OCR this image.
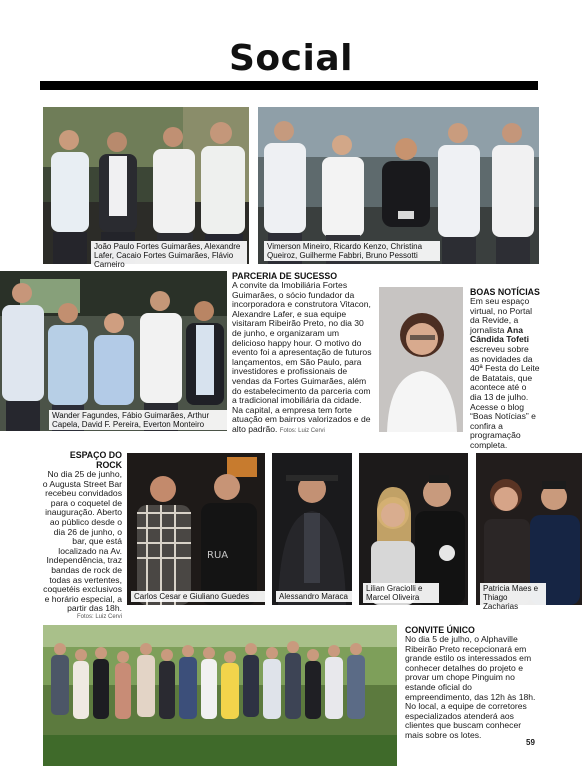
Social
João Paulo Fortes Guimarães, Alexandre Lafer, Cacaio Fortes Guimarães, Flávio Carneiro
Vimerson Mineiro, Ricardo Kenzo, Christina Queiroz, Guilherme Fabbri, Bruno Pessotti
Wander Fagundes, Fábio Guimarães, Arthur Capela, David F. Pereira, Everton Monteiro
PARCERIA DE SUCESSO
A convite da Imobiliária Fortes Guimarães, o sócio fundador da incorporadora e construtora Vitacon, Alexandre Lafer, e sua equipe visitaram Ribeirão Preto, no dia 30 de junho, e organizaram um delicioso happy hour. O motivo do evento foi a apresentação de futuros lançamentos, em São Paulo, para investidores e profissionais de vendas da Fortes Guimarães, além do estabelecimento da parceria com a tradicional imobiliária da cidade. Na capital, a empresa tem forte atuação em bairros valorizados e de alto padrão. Fotos: Luiz Cervi
BOAS NOTÍCIAS
Em seu espaço virtual, no Portal da Revide, a jornalista Ana Cândida Tofeti escreveu sobre as novidades da 40ª Festa do Leite de Batatais, que acontece até o dia 13 de julho. Acesse o blog “Boas Notícias” e confira a programação completa.
ESPAÇO DO ROCK
No dia 25 de junho, o Augusta Street Bar recebeu convidados para o coquetel de inauguração. Aberto ao público desde o dia 26 de junho, o bar, que está localizado na Av. Independência, traz bandas de rock de todas as vertentes, coquetéis exclusivos e horário especial, a partir das 18h.
Fotos: Luiz Cervi
RUA
Carlos Cesar e Giuliano Guedes	Alessandro Maraca
Lilian Graciolli e Marcel Oliveira
Patricia Maes e Thiago Zacharias
CONVITE ÚNICO
No dia 5 de julho, o Alphaville Ribeirão Preto recepcionará em grande estilo os interessados em conhecer detalhes do projeto e provar um chope Pinguim no estande oficial do empreendimento, das 12h às 18h. No local, a equipe de corretores especializados atenderá aos clientes que buscam conhecer mais sobre os lotes.
59
